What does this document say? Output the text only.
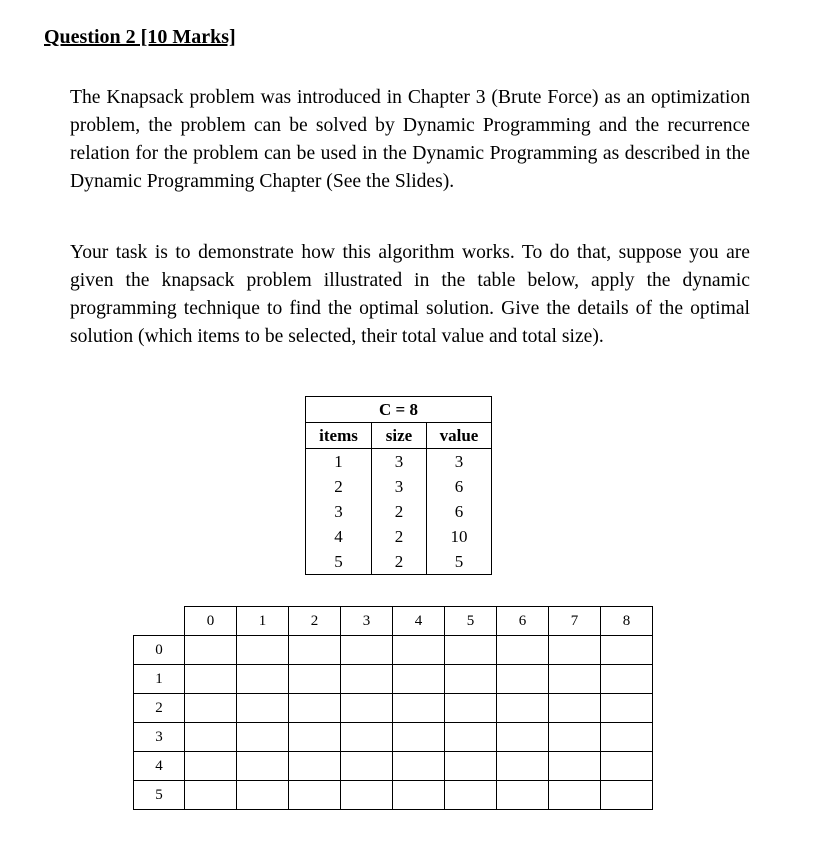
Question 2 [10 Marks]

The Knapsack problem was introduced in Chapter 3 (Brute Force) as an optimization problem, the problem can be solved by Dynamic Programming and the recurrence relation for the problem can be used in the Dynamic Programming as described in the Dynamic Programming Chapter (See the Slides).

Your task is to demonstrate how this algorithm works. To do that, suppose you are given the knapsack problem illustrated in the table below, apply the dynamic programming technique to find the optimal solution. Give the details of the optimal solution (which items to be selected, their total value and total size).

C = 8		
items	size	value
1	3	3
2	3	6
3	2	6
4	2	10
5	2	5
	0	1	2	3	4	5	6	7	8
0									
1									
2									
3									
4									
5									
